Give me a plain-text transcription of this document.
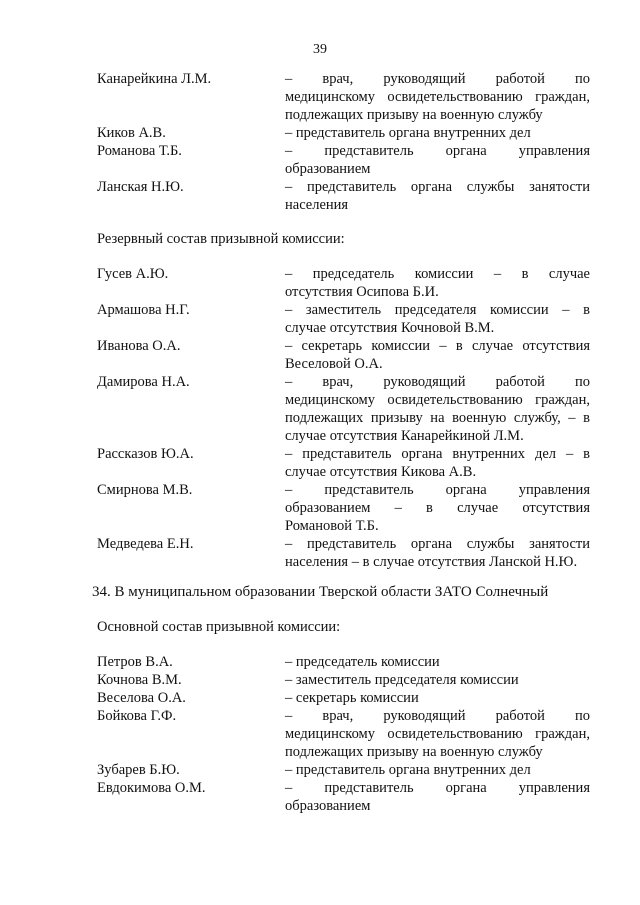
39
Канарейкина Л.М.	– врач, руководящий работой по
медицинскому освидетельствованию граждан,
подлежащих призыву на военную службу
Киков А.В.	– представитель органа внутренних дел
Романова Т.Б.	– представитель органа управления
образованием
Ланская Н.Ю.	– представитель органа службы занятости
населения
Резервный состав призывной комиссии:
Гусев А.Ю.	– председатель комиссии – в случае
отсутствия Осипова Б.И.
Армашова Н.Г.	– заместитель председателя комиссии – в
случае отсутствия Кочновой В.М.
Иванова О.А.	– секретарь комиссии – в случае отсутствия
Веселовой О.А.
Дамирова Н.А.	– врач, руководящий работой по
медицинскому освидетельствованию граждан,
подлежащих призыву на военную службу, – в
случае отсутствия Канарейкиной Л.М.
Рассказов Ю.А.	– представитель органа внутренних дел – в
случае отсутствия Кикова А.В.
Смирнова М.В.	– представитель органа управления
образованием – в случае отсутствия
Романовой Т.Б.
Медведева Е.Н.	– представитель органа службы занятости
населения – в случае отсутствия Ланской Н.Ю.
34. В муниципальном образовании Тверской области ЗАТО Солнечный
Основной состав призывной комиссии:
Петров В.А.	– председатель комиссии
Кочнова В.М.	– заместитель председателя комиссии
Веселова О.А.	– секретарь комиссии
Бойкова Г.Ф.	– врач, руководящий работой по
медицинскому освидетельствованию граждан,
подлежащих призыву на военную службу
Зубарев Б.Ю.	– представитель органа внутренних дел
Евдокимова О.М.	– представитель органа управления
образованием
